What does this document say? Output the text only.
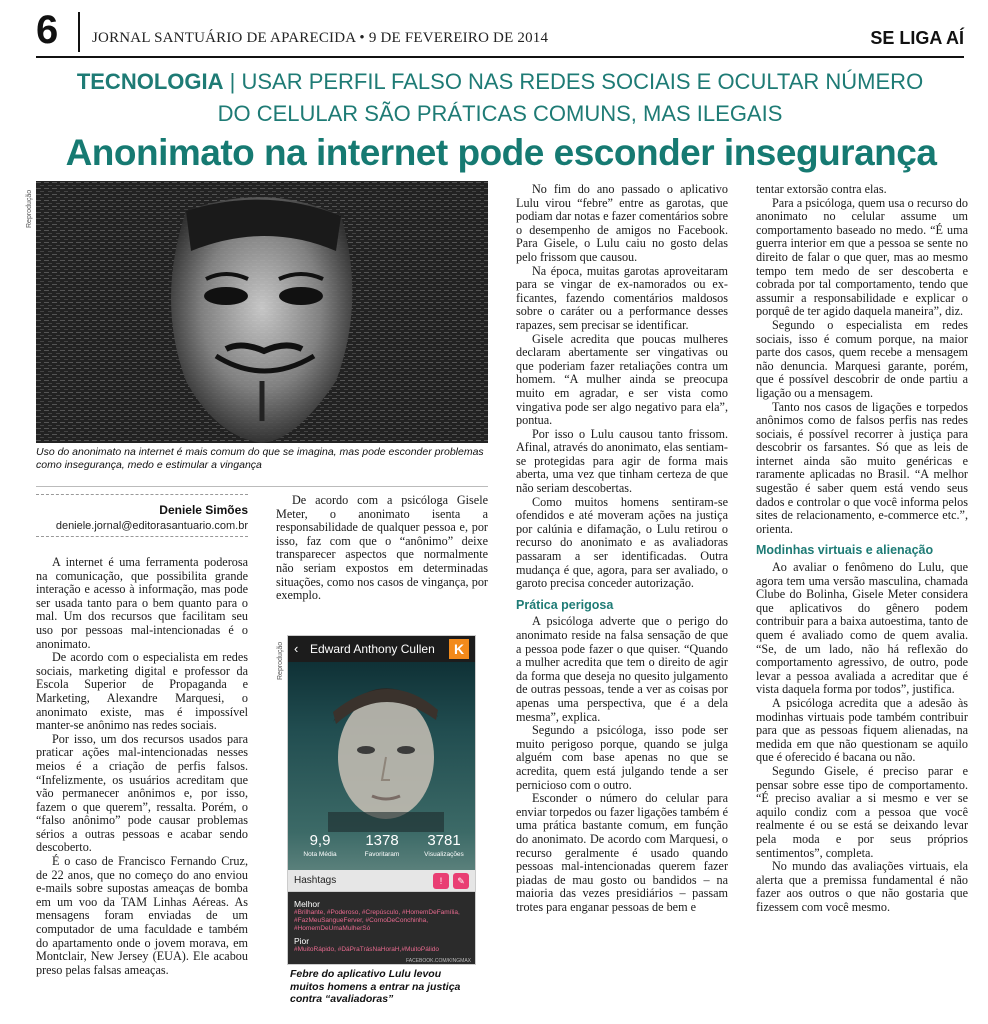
6 JORNAL SANTUÁRIO DE APARECIDA • 9 DE FEVEREIRO DE 2014	SE LIGA AÍ
TECNOLOGIA | USAR PERFIL FALSO NAS REDES SOCIAIS E OCULTAR NÚMERO
DO CELULAR SÃO PRÁTICAS COMUNS, MAS ILEGAIS
Anonimato na internet pode esconder insegurança
Reprodução
Uso do anonimato na internet é mais comum do que se imagina, mas pode esconder problemas como insegurança, medo e estimular a vingança
Deniele Simões
deniele.jornal@editorasantuario.com.br

A internet é uma ferramenta poderosa na comunicação, que possibilita grande interação e acesso à informação, mas pode ser usada tanto para o bem quanto para o mal. Um dos recursos que facilitam seu uso por pessoas mal-intencionadas é o anonimato.

De acordo com o especialista em redes sociais, marketing digital e professor da Escola Superior de Propaganda e Marketing, Alexandre Marquesi, o anonimato existe, mas é impossível manter-se anônimo nas redes sociais.

Por isso, um dos recursos usados para praticar ações mal-intencionadas nesses meios é a criação de perfis falsos. “Infelizmente, os usuários acreditam que vão permanecer anônimos e, por isso, fazem o que querem”, ressalta. Porém, o “falso anônimo” pode causar problemas sérios a outras pessoas e acabar sendo descoberto.

É o caso de Francisco Fernando Cruz, de 22 anos, que no começo do ano enviou e-mails sobre supostas ameaças de bomba em um voo da TAM Linhas Aéreas. As mensagens foram enviadas de um computador de uma faculdade e também do apartamento onde o jovem morava, em Montclair, New Jersey (EUA). Ele acabou preso pelas falsas ameaças.

De acordo com a psicóloga Gisele Meter, o anonimato isenta a responsabilidade de qualquer pessoa e, por isso, faz com que o “anônimo” deixe transparecer aspectos que normalmente não seriam expostos em determinadas situações, como nos casos de vingança, por exemplo.

Reprodução ‹ Edward Anthony Cullen	K
9,9
Nota Média
1378
Favoritaram
3781
Visualizações
Hashtags	!	✎
Melhor
#Brilhante, #Poderoso, #Crepúsculo, #HomemDeFamília, #FazMeuSangueFerver, #CornoDeConchinha, #HomemDeUmaMulherSó
Pior
#MuitoRápido, #DáPraTrásNaHoraH,#MuitoPálido
FACEBOOK.COM/KINGMAX
Febre do aplicativo Lulu levou muitos homens a entrar na justiça contra “avaliadoras”

No fim do ano passado o aplicativo Lulu virou “febre” entre as garotas, que podiam dar notas e fazer comentários sobre o desempenho de amigos no Facebook. Para Gisele, o Lulu caiu no gosto delas pelo frissom que causou.

Na época, muitas garotas aproveitaram para se vingar de ex-namorados ou ex-ficantes, fazendo comentários maldosos sobre o caráter ou a performance desses rapazes, sem precisar se identificar.

Gisele acredita que poucas mulheres declaram abertamente ser vingativas ou que poderiam fazer retaliações contra um homem. “A mulher ainda se preocupa muito em agradar, e ser vista como vingativa pode ser algo negativo para ela”, pontua.

Por isso o Lulu causou tanto frissom. Afinal, através do anonimato, elas sentiam-se protegidas para agir de forma mais aberta, uma vez que tinham certeza de que não seriam descobertas.

Como muitos homens sentiram-se ofendidos e até moveram ações na justiça por calúnia e difamação, o Lulu retirou o recurso do anonimato e as avaliadoras passaram a ser identificadas. Outra mudança é que, agora, para ser avaliado, o garoto precisa conceder autorização.

Prática perigosa

A psicóloga adverte que o perigo do anonimato reside na falsa sensação de que a pessoa pode fazer o que quiser. “Quando a mulher acredita que tem o direito de agir da forma que deseja no quesito julgamento de outras pessoas, tende a ver as coisas por apenas uma perspectiva, que é a dela mesma”, explica.

Segundo a psicóloga, isso pode ser muito perigoso porque, quando se julga alguém com base apenas no que se acredita, quem está julgando tende a ser pernicioso com o outro.

Esconder o número do celular para enviar torpedos ou fazer ligações também é uma prática bastante comum, em função do anonimato. De acordo com Marquesi, o recurso geralmente é usado quando pessoas mal-intencionadas querem fazer piadas de mau gosto ou bandidos – na maioria das vezes presidiários – passam trotes para enganar pessoas de bem e

tentar extorsão contra elas.

Para a psicóloga, quem usa o recurso do anonimato no celular assume um comportamento baseado no medo. “É uma guerra interior em que a pessoa se sente no direito de falar o que quer, mas ao mesmo tempo tem medo de ser descoberta e cobrada por tal comportamento, tendo que assumir a responsabilidade e explicar o porquê de ter agido daquela maneira”, diz.

Segundo o especialista em redes sociais, isso é comum porque, na maior parte dos casos, quem recebe a mensagem não denuncia. Marquesi garante, porém, que é possível descobrir de onde partiu a ligação ou a mensagem.

Tanto nos casos de ligações e torpedos anônimos como de falsos perfis nas redes sociais, é possível recorrer à justiça para descobrir os farsantes. Só que as leis de internet ainda são muito genéricas e raramente aplicadas no Brasil. “A melhor sugestão é saber quem está vendo seus dados e controlar o que você informa pelos sites de relacionamento, e-commerce etc.”, orienta.

Modinhas virtuais e alienação

Ao avaliar o fenômeno do Lulu, que agora tem uma versão masculina, chamada Clube do Bolinha, Gisele Meter considera que aplicativos do gênero podem contribuir para a baixa autoestima, tanto de quem é avaliado como de quem avalia. “Se, de um lado, não há reflexão do comportamento agressivo, de outro, pode levar a pessoa avaliada a acreditar que é vista daquela forma por todos”, justifica.

A psicóloga acredita que a adesão às modinhas virtuais pode também contribuir para que as pessoas fiquem alienadas, na medida em que não questionam se aquilo que é oferecido é bacana ou não.

Segundo Gisele, é preciso parar e pensar sobre esse tipo de comportamento. “É preciso avaliar a si mesmo e ver se aquilo condiz com a pessoa que você realmente é ou se está se deixando levar pela moda e por seus próprios sentimentos”, completa.

No mundo das avaliações virtuais, ela alerta que a premissa fundamental é não fazer aos outros o que não gostaria que fizessem com você mesmo.
